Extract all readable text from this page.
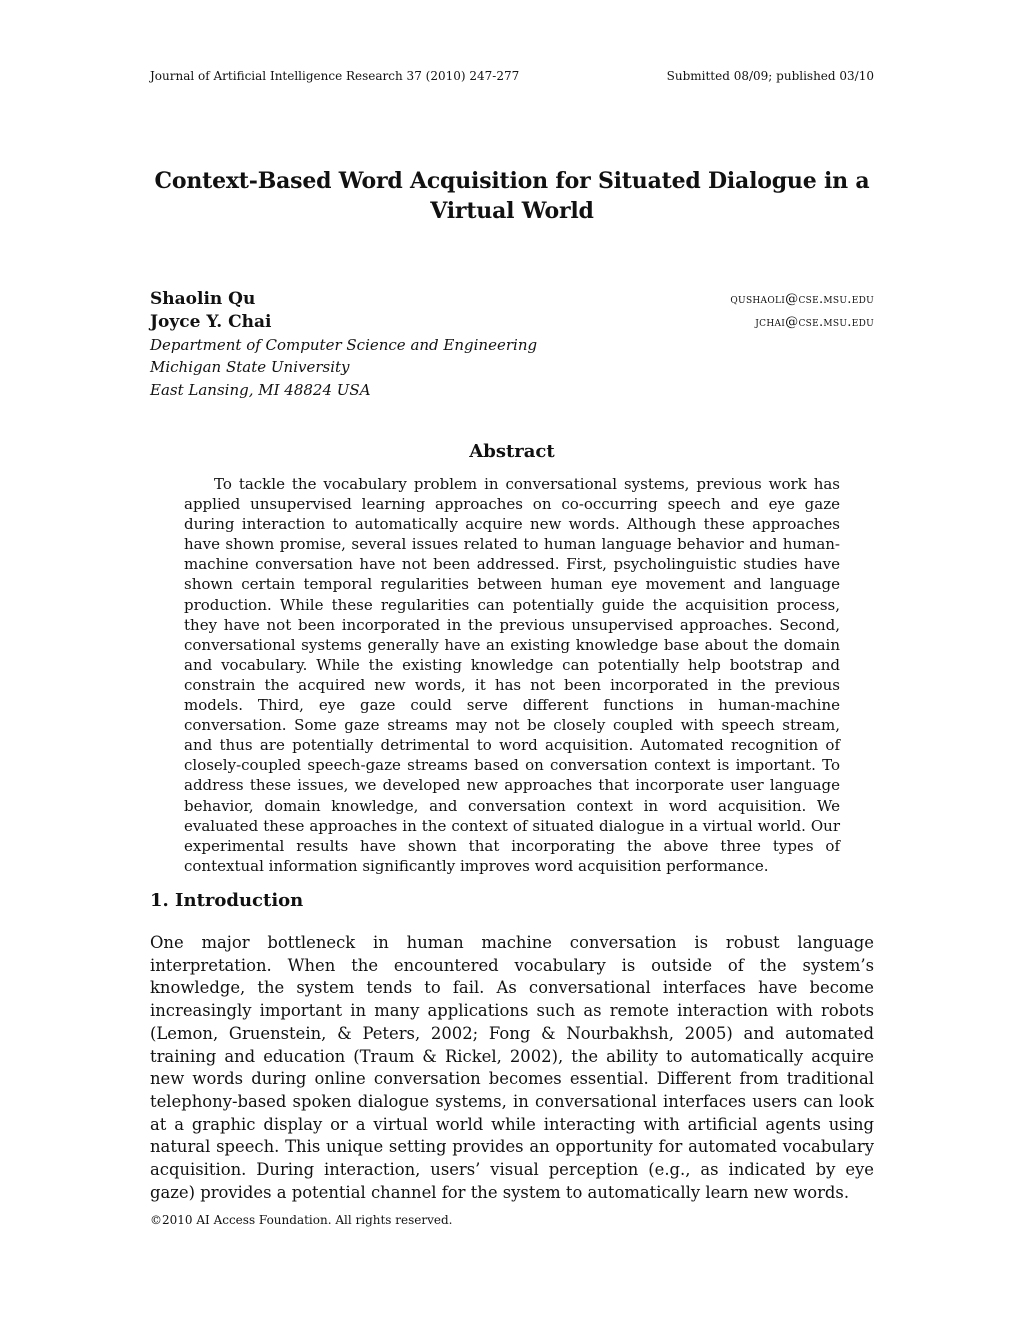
Journal of Artificial Intelligence Research 37 (2010) 247-277	Submitted 08/09; published 03/10
Context-Based Word Acquisition for Situated Dialogue in a Virtual World
Shaolin Qu	qushaoli@cse.msu.edu
Joyce Y. Chai	jchai@cse.msu.edu
Department of Computer Science and Engineering
Michigan State University
East Lansing, MI 48824 USA
Abstract

To tackle the vocabulary problem in conversational systems, previous work has applied unsupervised learning approaches on co-occurring speech and eye gaze during interaction to automatically acquire new words. Although these approaches have shown promise, several issues related to human language behavior and human-machine conversation have not been addressed. First, psycholinguistic studies have shown certain temporal regularities between human eye movement and language production. While these regularities can potentially guide the acquisition process, they have not been incorporated in the previous unsupervised approaches. Second, conversational systems generally have an existing knowledge base about the domain and vocabulary. While the existing knowledge can potentially help bootstrap and constrain the acquired new words, it has not been incorporated in the previous models. Third, eye gaze could serve different functions in human-machine conversation. Some gaze streams may not be closely coupled with speech stream, and thus are potentially detrimental to word acquisition. Automated recognition of closely-coupled speech-gaze streams based on conversation context is important. To address these issues, we developed new approaches that incorporate user language behavior, domain knowledge, and conversation context in word acquisition. We evaluated these approaches in the context of situated dialogue in a virtual world. Our experimental results have shown that incorporating the above three types of contextual information significantly improves word acquisition performance.

1. Introduction

One major bottleneck in human machine conversation is robust language interpretation. When the encountered vocabulary is outside of the system’s knowledge, the system tends to fail. As conversational interfaces have become increasingly important in many applications such as remote interaction with robots (Lemon, Gruenstein, & Peters, 2002; Fong & Nourbakhsh, 2005) and automated training and education (Traum & Rickel, 2002), the ability to automatically acquire new words during online conversation becomes essential. Different from traditional telephony-based spoken dialogue systems, in conversational interfaces users can look at a graphic display or a virtual world while interacting with artificial agents using natural speech. This unique setting provides an opportunity for automated vocabulary acquisition. During interaction, users’ visual perception (e.g., as indicated by eye gaze) provides a potential channel for the system to automatically learn new words.

©2010 AI Access Foundation. All rights reserved.
